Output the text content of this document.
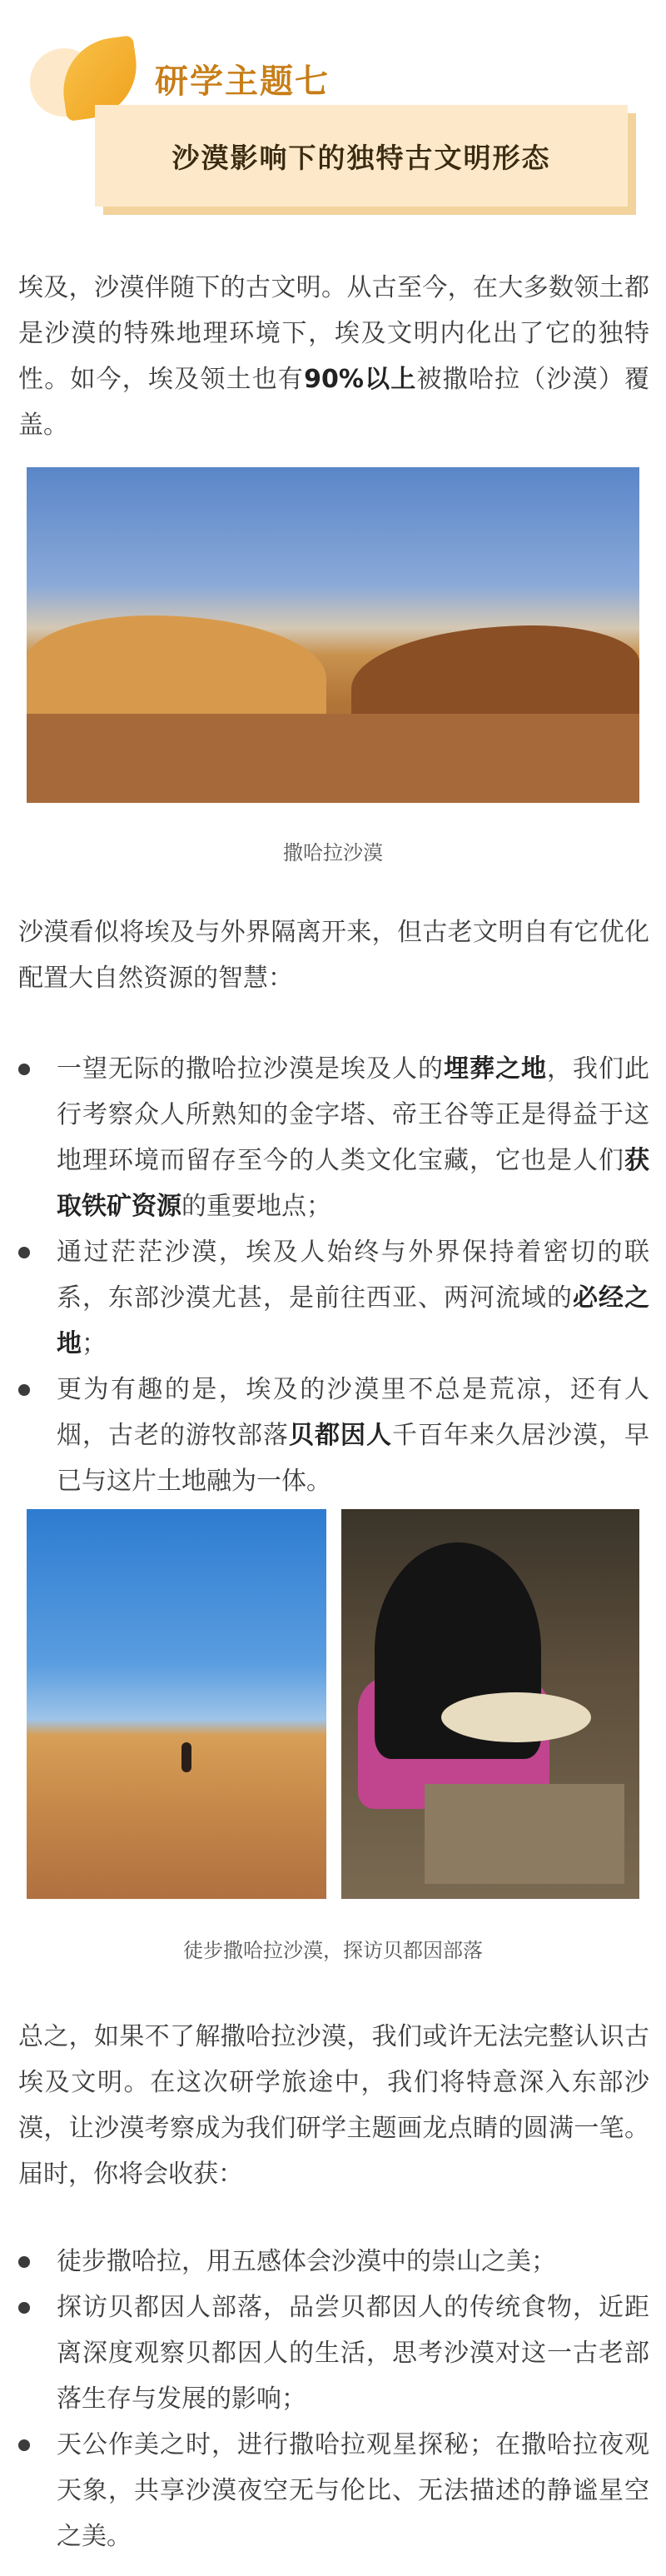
研学主题七
沙漠影响下的独特古文明形态
埃及，沙漠伴随下的古文明。从古至今，在大多数领土都是沙漠的特殊地理环境下，埃及文明内化出了它的独特性。如今，埃及领土也有90%以上被撒哈拉（沙漠）覆盖。
撒哈拉沙漠
沙漠看似将埃及与外界隔离开来，但古老文明自有它优化配置大自然资源的智慧：
一望无际的撒哈拉沙漠是埃及人的埋葬之地，我们此行考察众人所熟知的金字塔、帝王谷等正是得益于这地理环境而留存至今的人类文化宝藏，它也是人们获取铁矿资源的重要地点；
通过茫茫沙漠，埃及人始终与外界保持着密切的联系，东部沙漠尤甚，是前往西亚、两河流域的必经之地；
更为有趣的是，埃及的沙漠里不总是荒凉，还有人烟，古老的游牧部落贝都因人千百年来久居沙漠，早已与这片土地融为一体。
徒步撒哈拉沙漠，探访贝都因部落
总之，如果不了解撒哈拉沙漠，我们或许无法完整认识古埃及文明。在这次研学旅途中，我们将特意深入东部沙漠，让沙漠考察成为我们研学主题画龙点睛的圆满一笔。届时，你将会收获：
徒步撒哈拉，用五感体会沙漠中的崇山之美；
探访贝都因人部落，品尝贝都因人的传统食物，近距离深度观察贝都因人的生活，思考沙漠对这一古老部落生存与发展的影响；
天公作美之时，进行撒哈拉观星探秘；在撒哈拉夜观天象，共享沙漠夜空无与伦比、无法描述的静谧星空之美。
